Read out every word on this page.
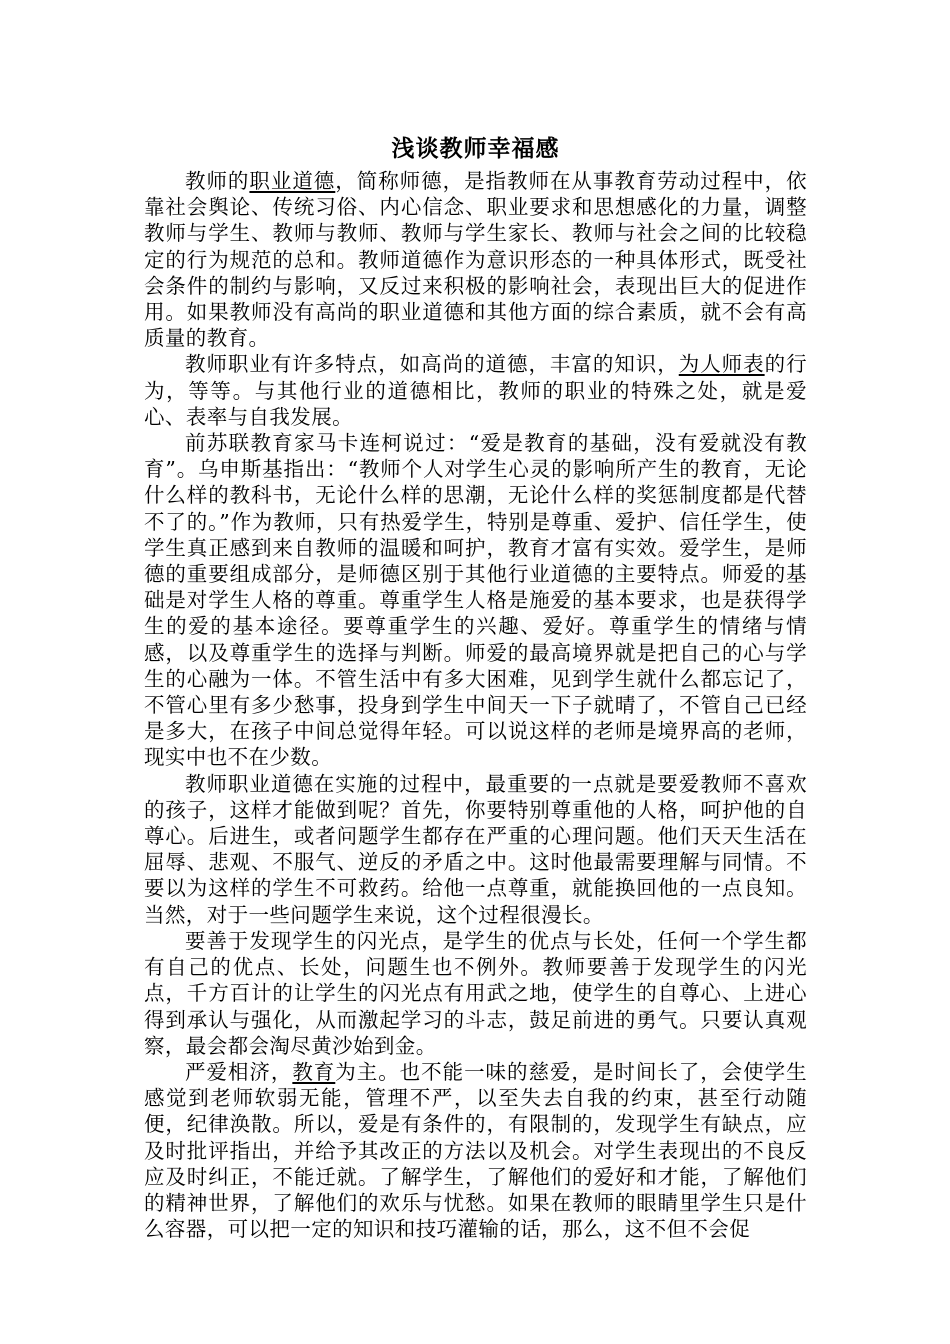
浅谈教师幸福感

教师的职业道德，简称师德，是指教师在从事教育劳动过程中，依靠社会舆论、传统习俗、内心信念、职业要求和思想感化的力量，调整教师与学生、教师与教师、教师与学生家长、教师与社会之间的比较稳定的行为规范的总和。教师道德作为意识形态的一种具体形式，既受社会条件的制约与影响，又反过来积极的影响社会，表现出巨大的促进作用。如果教师没有高尚的职业道德和其他方面的综合素质，就不会有高质量的教育。

教师职业有许多特点，如高尚的道德，丰富的知识，为人师表的行为，等等。与其他行业的道德相比，教师的职业的特殊之处，就是爱心、表率与自我发展。

前苏联教育家马卡连柯说过：“爱是教育的基础，没有爱就没有教育”。乌申斯基指出：“教师个人对学生心灵的影响所产生的教育，无论什么样的教科书，无论什么样的思潮，无论什么样的奖惩制度都是代替不了的。”作为教师，只有热爱学生，特别是尊重、爱护、信任学生，使学生真正感到来自教师的温暖和呵护，教育才富有实效。爱学生，是师德的重要组成部分，是师德区别于其他行业道德的主要特点。师爱的基础是对学生人格的尊重。尊重学生人格是施爱的基本要求，也是获得学生的爱的基本途径。要尊重学生的兴趣、爱好。尊重学生的情绪与情感，以及尊重学生的选择与判断。师爱的最高境界就是把自己的心与学生的心融为一体。不管生活中有多大困难，见到学生就什么都忘记了，不管心里有多少愁事，投身到学生中间天一下子就晴了，不管自己已经是多大，在孩子中间总觉得年轻。可以说这样的老师是境界高的老师，现实中也不在少数。

教师职业道德在实施的过程中，最重要的一点就是要爱教师不喜欢的孩子，这样才能做到呢？首先，你要特别尊重他的人格，呵护他的自尊心。后进生，或者问题学生都存在严重的心理问题。他们天天生活在屈辱、悲观、不服气、逆反的矛盾之中。这时他最需要理解与同情。不要以为这样的学生不可救药。给他一点尊重，就能换回他的一点良知。当然，对于一些问题学生来说，这个过程很漫长。

要善于发现学生的闪光点，是学生的优点与长处，任何一个学生都有自己的优点、长处，问题生也不例外。教师要善于发现学生的闪光点，千方百计的让学生的闪光点有用武之地，使学生的自尊心、上进心得到承认与强化，从而激起学习的斗志，鼓足前进的勇气。只要认真观察，最会都会淘尽黄沙始到金。

严爱相济，教育为主。也不能一味的慈爱，是时间长了，会使学生感觉到老师软弱无能，管理不严，以至失去自我的约束，甚至行动随便，纪律涣散。所以，爱是有条件的，有限制的，发现学生有缺点，应及时批评指出，并给予其改正的方法以及机会。对学生表现出的不良反应及时纠正，不能迁就。了解学生，了解他们的爱好和才能，了解他们的精神世界，了解他们的欢乐与忧愁。如果在教师的眼睛里学生只是什么容器，可以把一定的知识和技巧灌输的话，那么，这不但不会促
